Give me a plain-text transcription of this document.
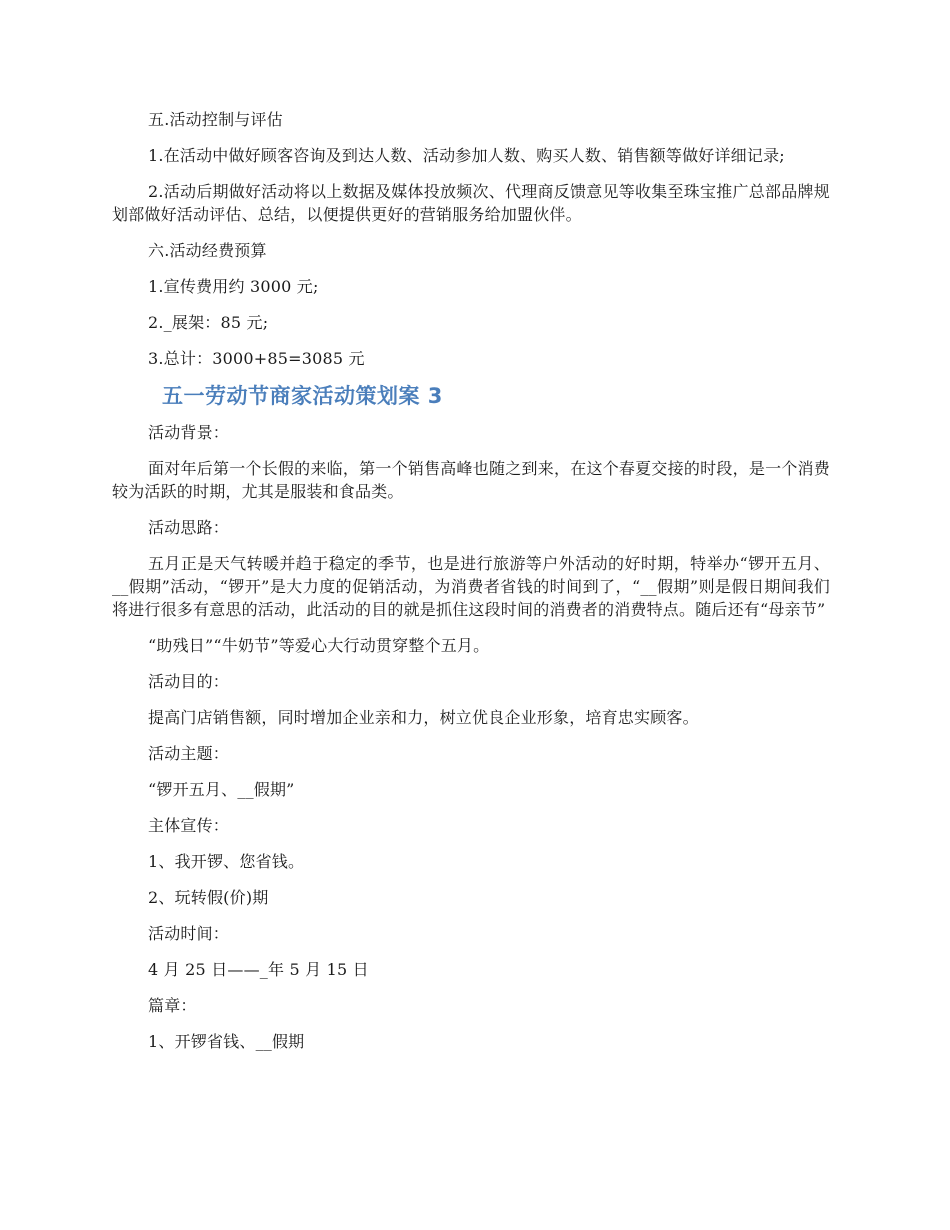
五.活动控制与评估

1.在活动中做好顾客咨询及到达人数、活动参加人数、购买人数、销售额等做好详细记录;

2.活动后期做好活动将以上数据及媒体投放频次、代理商反馈意见等收集至珠宝推广总部品牌规划部做好活动评估、总结，以便提供更好的营销服务给加盟伙伴。

六.活动经费预算

1.宣传费用约 3000 元;

2._展架：85 元;

3.总计：3000+85=3085 元

五一劳动节商家活动策划案 3

活动背景：

面对年后第一个长假的来临，第一个销售高峰也随之到来，在这个春夏交接的时段，是一个消费较为活跃的时期，尤其是服装和食品类。

活动思路：

五月正是天气转暖并趋于稳定的季节，也是进行旅游等户外活动的好时期，特举办“锣开五月、__假期”活动，“锣开”是大力度的促销活动，为消费者省钱的时间到了，“__假期”则是假日期间我们将进行很多有意思的活动，此活动的目的就是抓住这段时间的消费者的消费特点。随后还有“母亲节”

“助残日”“牛奶节”等爱心大行动贯穿整个五月。

活动目的：

提高门店销售额，同时增加企业亲和力，树立优良企业形象，培育忠实顾客。

活动主题：

“锣开五月、__假期”

主体宣传：

1、我开锣、您省钱。

2、玩转假(价)期

活动时间：

4 月 25 日——_年 5 月 15 日

篇章：

1、开锣省钱、__假期
